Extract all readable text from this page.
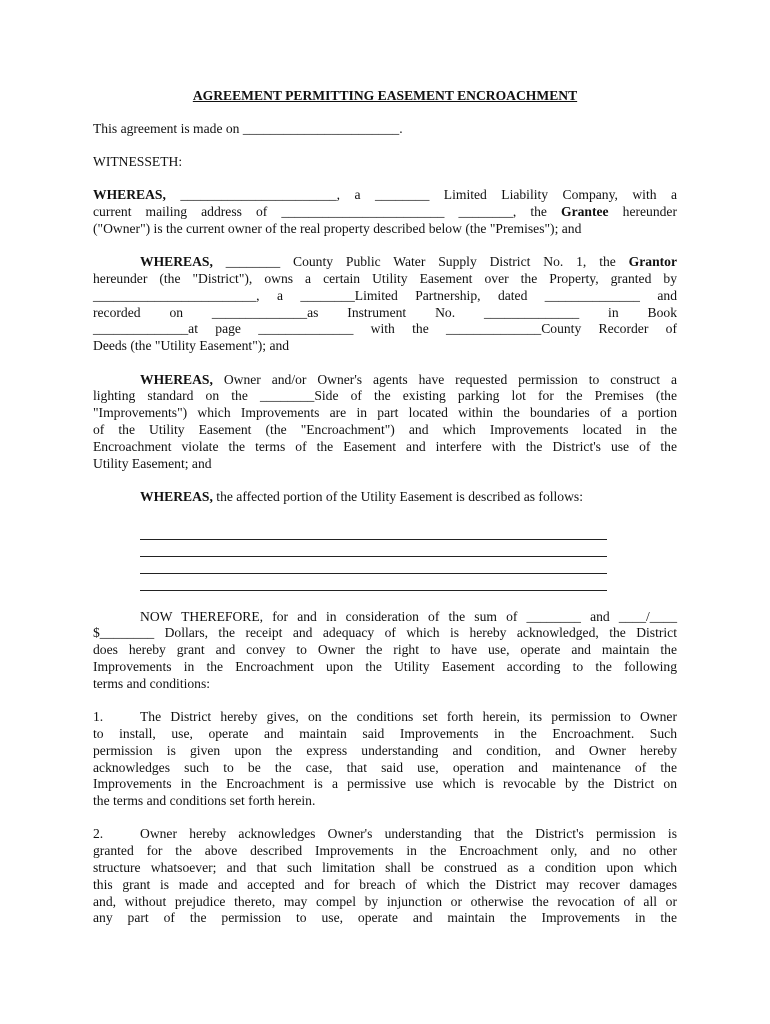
AGREEMENT PERMITTING EASEMENT ENCROACHMENT
This agreement is made on _______________________.
WITNESSETH:
WHEREAS, _______________________, a ________ Limited Liability Company, with a
current mailing address of ________________________ ________, the Grantee hereunder
("Owner") is the current owner of the real property described below (the "Premises"); and
WHEREAS, ________ County Public Water Supply District No. 1, the Grantor
hereunder (the "District"), owns a certain Utility Easement over the Property, granted by
________________________, a ________Limited Partnership, dated ______________ and
recorded on ______________as Instrument No. ______________ in Book
______________at page ______________ with the ______________County Recorder of
Deeds (the "Utility Easement"); and
WHEREAS, Owner and/or Owner's agents have requested permission to construct a
lighting standard on the ________Side of the existing parking lot for the Premises (the
"Improvements") which Improvements are in part located within the boundaries of a portion
of the Utility Easement (the "Encroachment") and which Improvements located in the
Encroachment violate the terms of the Easement and interfere with the District's use of the
Utility Easement; and
WHEREAS, the affected portion of the Utility Easement is described as follows:
NOW THEREFORE, for and in consideration of the sum of ________ and ____/____
$________ Dollars, the receipt and adequacy of which is hereby acknowledged, the District
does hereby grant and convey to Owner the right to have use, operate and maintain the
Improvements in the Encroachment upon the Utility Easement according to the following
terms and conditions:
1.	The District hereby gives, on the conditions set forth herein, its permission to Owner
to install, use, operate and maintain said Improvements in the Encroachment. Such
permission is given upon the express understanding and condition, and Owner hereby
acknowledges such to be the case, that said use, operation and maintenance of the
Improvements in the Encroachment is a permissive use which is revocable by the District on
the terms and conditions set forth herein.
2.	Owner hereby acknowledges Owner's understanding that the District's permission is
granted for the above described Improvements in the Encroachment only, and no other
structure whatsoever; and that such limitation shall be construed as a condition upon which
this grant is made and accepted and for breach of which the District may recover damages
and, without prejudice thereto, may compel by injunction or otherwise the revocation of all or
any part of the permission to use, operate and maintain the Improvements in the
